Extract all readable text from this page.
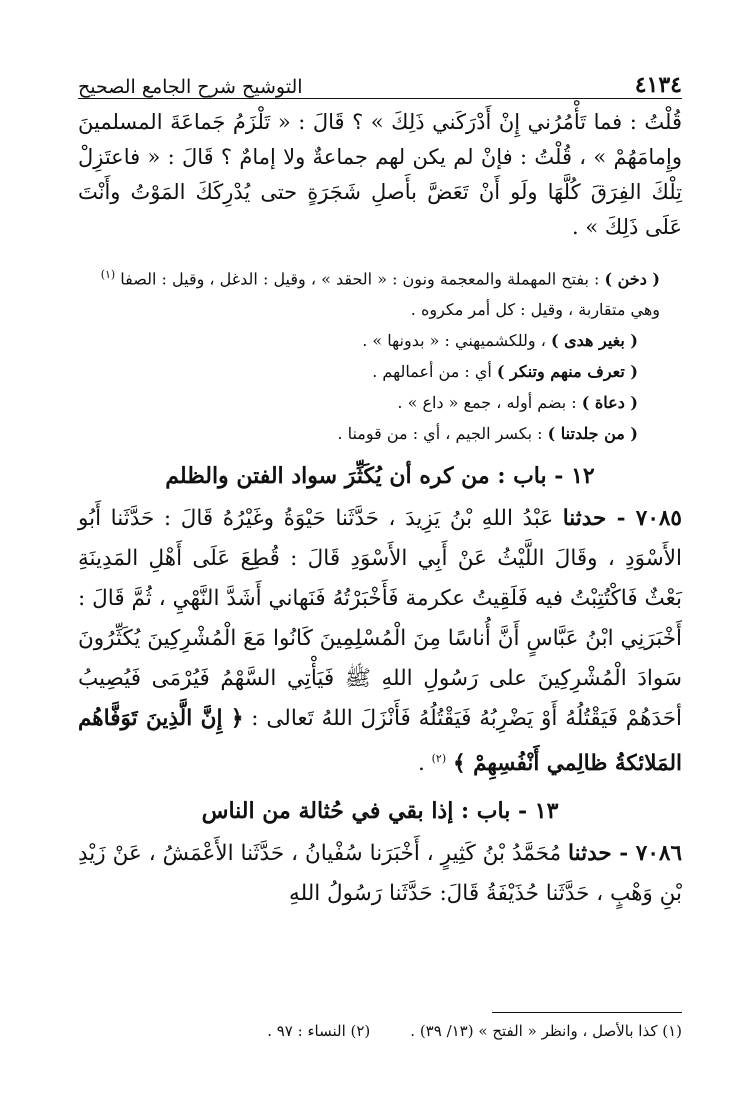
٤١٣٤
التوشيح شرح الجامع الصحيح

قُلْتُ : فما تَأْمُرُني إِنْ أَدْرَكَني ذَلِكَ » ؟ قَالَ : « تَلْزَمُ جَماعَةَ المسلمينَ وإِمامَهُمْ » ، قُلْتُ : فإنْ لم يكن لهم جماعةٌ ولا إمامٌ ؟ قَالَ : « فاعتَزِلْ تِلْكَ الفِرَقَ كُلَّهَا ولَو أَنْ تَعَضَّ بأَصلِ شَجَرَةٍ حتى يُدْرِكَكَ المَوْتُ وأَنْتَ عَلَى ذَلِكَ » .

( دخن ) : بفتح المهملة والمعجمة ونون : « الحقد » ، وقيل : الدغل ، وقيل : الصفا $^{(١)}$ وهي متقاربة ، وقيل : كل أمر مكروه .

( بغير هدى ) ، وللكشميهني : « بدونها » .

( تعرف منهم وتنكر ) أي : من أعمالهم .

( دعاة ) : بضم أوله ، جمع « داع » .

( من جلدتنا ) : بكسر الجيم ، أي : من قومنا .

١٢ - باب : من كره أن يُكَثِّرَ سواد الفتن والظلم

٧٠٨٥ - حدثنا عَبْدُ اللهِ بْنُ يَزِيدَ ، حَدَّثَنا حَيْوَةُ وغَيْرُهُ قَالَ : حَدَّثَنا أَبُو الأَسْوَدِ ، وقَالَ اللَّيْثُ عَنْ أَبِي الأَسْوَدِ قَالَ : قُطِعَ عَلَى أَهْلِ المَدِينَةِ بَعْثٌ فَاكْتُتِبْتُ فيه فَلَقِيتُ عكرمة فَأَخْبَرْتُهُ فَنَهاني أَشَدَّ النَّهْيِ ، ثُمَّ قَالَ : أَخْبَرَنِي ابْنُ عَبَّاسٍ أَنَّ أُناسًا مِنَ الْمُسْلِمِينَ كَانُوا مَعَ الْمُشْرِكِينَ يُكَثِّرُونَ سَوادَ الْمُشْرِكِينَ على رَسُولِ اللهِ ﷺ فَيَأْتِي السَّهْمُ فَيُرْمَى فَيُصِيبُ أحَدَهُمْ فَيَقْتُلُهُ أَوْ يَضْرِبُهُ فَيَقْتُلُهُ فَأَنْزَلَ اللهُ تَعالى : ﴿ إِنَّ الَّذِينَ تَوَفَّاهُم المَلائكةُ ظالِمي أَنْفُسِهِمْ ﴾ $^{(٢)}$ .

١٣ - باب : إذا بقي في حُثالة من الناس

٧٠٨٦ - حدثنا مُحَمَّدُ بْنُ كَثِيرٍ ، أَخْبَرَنا سُفْيانُ ، حَدَّثَنا الأَعْمَشُ ، عَنْ زَيْدِ بْنِ وَهْبٍ ، حَدَّثَنا حُذَيْفَةُ قَالَ: حَدَّثَنا رَسُولُ اللهِ

(١) كذا بالأصل ، وانظر « الفتح » (١٣/ ٣٩) .
(٢) النساء : ٩٧ .
